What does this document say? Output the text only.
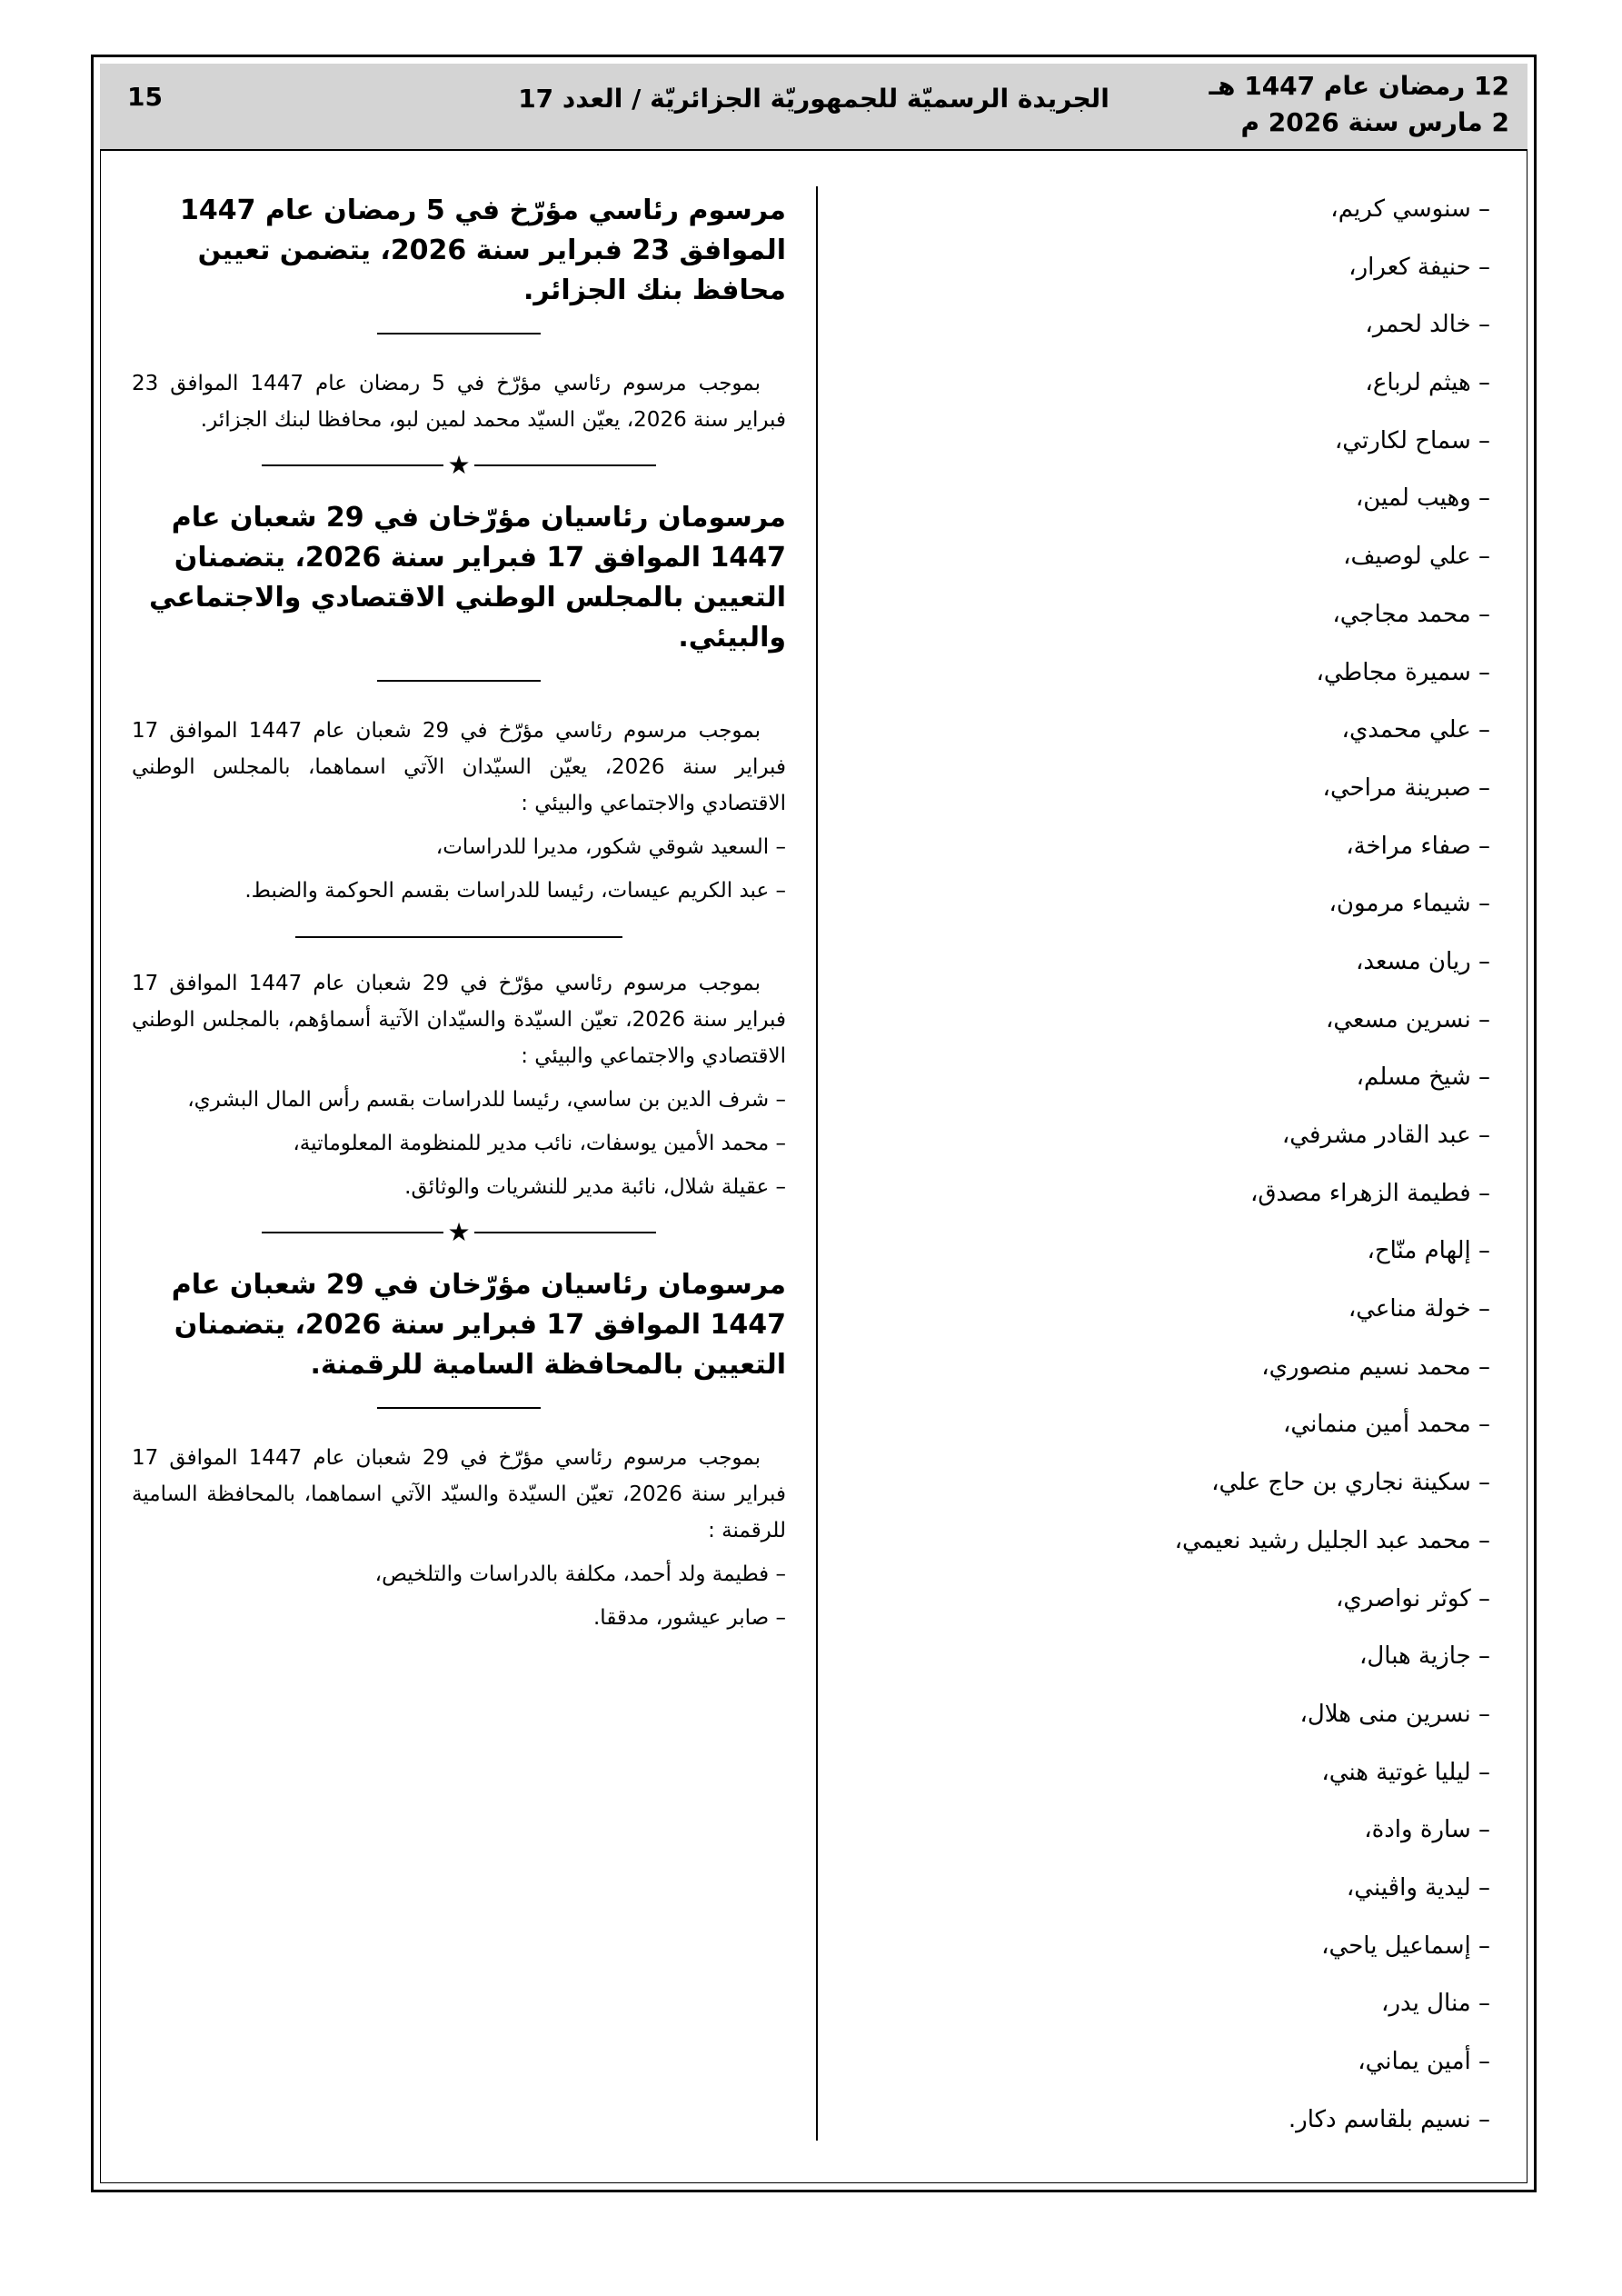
12 رمضان عام 1447 هـ
2 مارس سنة 2026 م
الجريدة الرسميّة للجمهوريّة الجزائريّة / العدد 17
15
– سنوسي كريم،
– حنيفة كعرار،
– خالد لحمر،
– هيثم لرباع،
– سماح لكارتي،
– وهيب لمين،
– علي لوصيف،
– محمد مجاجي،
– سميرة مجاطي،
– علي محمدي،
– صبرينة مراحي،
– صفاء مراخة،
– شيماء مرمون،
– ريان مسعد،
– نسرين مسعي،
– شيخ مسلم،
– عبد القادر مشرفي،
– فطيمة الزهراء مصدق،
– إلهام منّاح،
– خولة مناعي،
– محمد نسيم منصوري،
– محمد أمين منماني،
– سكينة نجاري بن حاج علي،
– محمد عبد الجليل رشيد نعيمي،
– كوثر نواصري،
– جازية هبال،
– نسرين منى هلال،
– ليليا غوتية هني،
– سارة وادة،
– ليدية واڤيني،
– إسماعيل ياحي،
– منال يدر،
– أمين يماني،
– نسيم بلقاسم دكار.
مرسوم رئاسي مؤرّخ في 5 رمضان عام 1447 الموافق 23 فبراير سنة 2026، يتضمن تعيين محافظ بنك الجزائر.
بموجب مرسوم رئاسي مؤرّخ في 5 رمضان عام 1447 الموافق 23 فبراير سنة 2026، يعيّن السيّد محمد لمين لبو، محافظا لبنك الجزائر.
★
مرسومان رئاسيان مؤرّخان في 29 شعبان عام 1447 الموافق 17 فبراير سنة 2026، يتضمنان التعيين بالمجلس الوطني الاقتصادي والاجتماعي والبيئي.
بموجب مرسوم رئاسي مؤرّخ في 29 شعبان عام 1447 الموافق 17 فبراير سنة 2026، يعيّن السيّدان الآتي اسماهما، بالمجلس الوطني الاقتصادي والاجتماعي والبيئي :
– السعيد شوقي شكور، مديرا للدراسات،
– عبد الكريم عيسات، رئيسا للدراسات بقسم الحوكمة والضبط.
بموجب مرسوم رئاسي مؤرّخ في 29 شعبان عام 1447 الموافق 17 فبراير سنة 2026، تعيّن السيّدة والسيّدان الآتية أسماؤهم، بالمجلس الوطني الاقتصادي والاجتماعي والبيئي :
– شرف الدين بن ساسي، رئيسا للدراسات بقسم رأس المال البشري،
– محمد الأمين يوسفات، نائب مدير للمنظومة المعلوماتية،
– عقيلة شلال، نائبة مدير للنشريات والوثائق.
★
مرسومان رئاسيان مؤرّخان في 29 شعبان عام 1447 الموافق 17 فبراير سنة 2026، يتضمنان التعيين بالمحافظة السامية للرقمنة.
بموجب مرسوم رئاسي مؤرّخ في 29 شعبان عام 1447 الموافق 17 فبراير سنة 2026، تعيّن السيّدة والسيّد الآتي اسماهما، بالمحافظة السامية للرقمنة :
– فطيمة ولد أحمد، مكلفة بالدراسات والتلخيص،
– صابر عيشور، مدققا.
